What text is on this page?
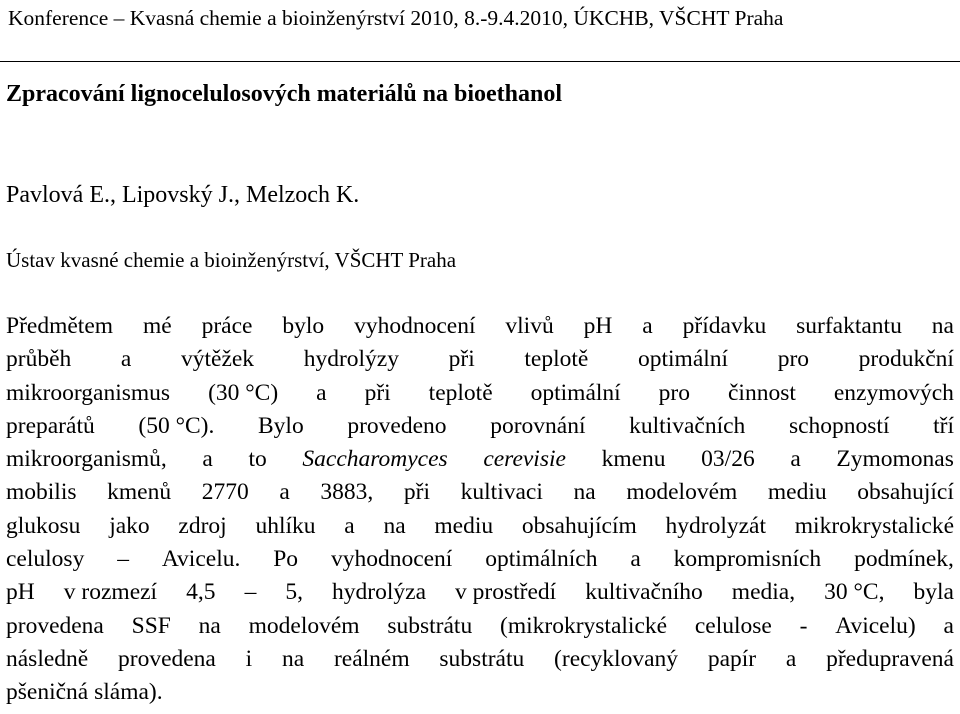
Konference – Kvasná chemie a bioinženýrství 2010, 8.-9.4.2010, ÚKCHB, VŠCHT Praha
Zpracování lignocelulosových materiálů na bioethanol
Pavlová E., Lipovský J., Melzoch K.
Ústav kvasné chemie a bioinženýrství, VŠCHT Praha
Předmětem mé práce bylo vyhodnocení vlivů pH a přídavku surfaktantu na
průběh a výtěžek hydrolýzy při teplotě optimální pro produkční
mikroorganismus (30 °C) a při teplotě optimální pro činnost enzymových
preparátů (50 °C). Bylo provedeno porovnání kultivačních schopností tří
mikroorganismů, a to Saccharomyces cerevisie kmenu 03/26 a Zymomonas
mobilis kmenů 2770 a 3883, při kultivaci na modelovém mediu obsahující
glukosu jako zdroj uhlíku a na mediu obsahujícím hydrolyzát mikrokrystalické
celulosy – Avicelu. Po vyhodnocení optimálních a kompromisních podmínek,
pH v rozmezí 4,5 – 5, hydrolýza v prostředí kultivačního media, 30 °C, byla
provedena SSF na modelovém substrátu (mikrokrystalické celulose - Avicelu) a
následně provedena i na reálném substrátu (recyklovaný papír a předupravená
pšeničná sláma).
